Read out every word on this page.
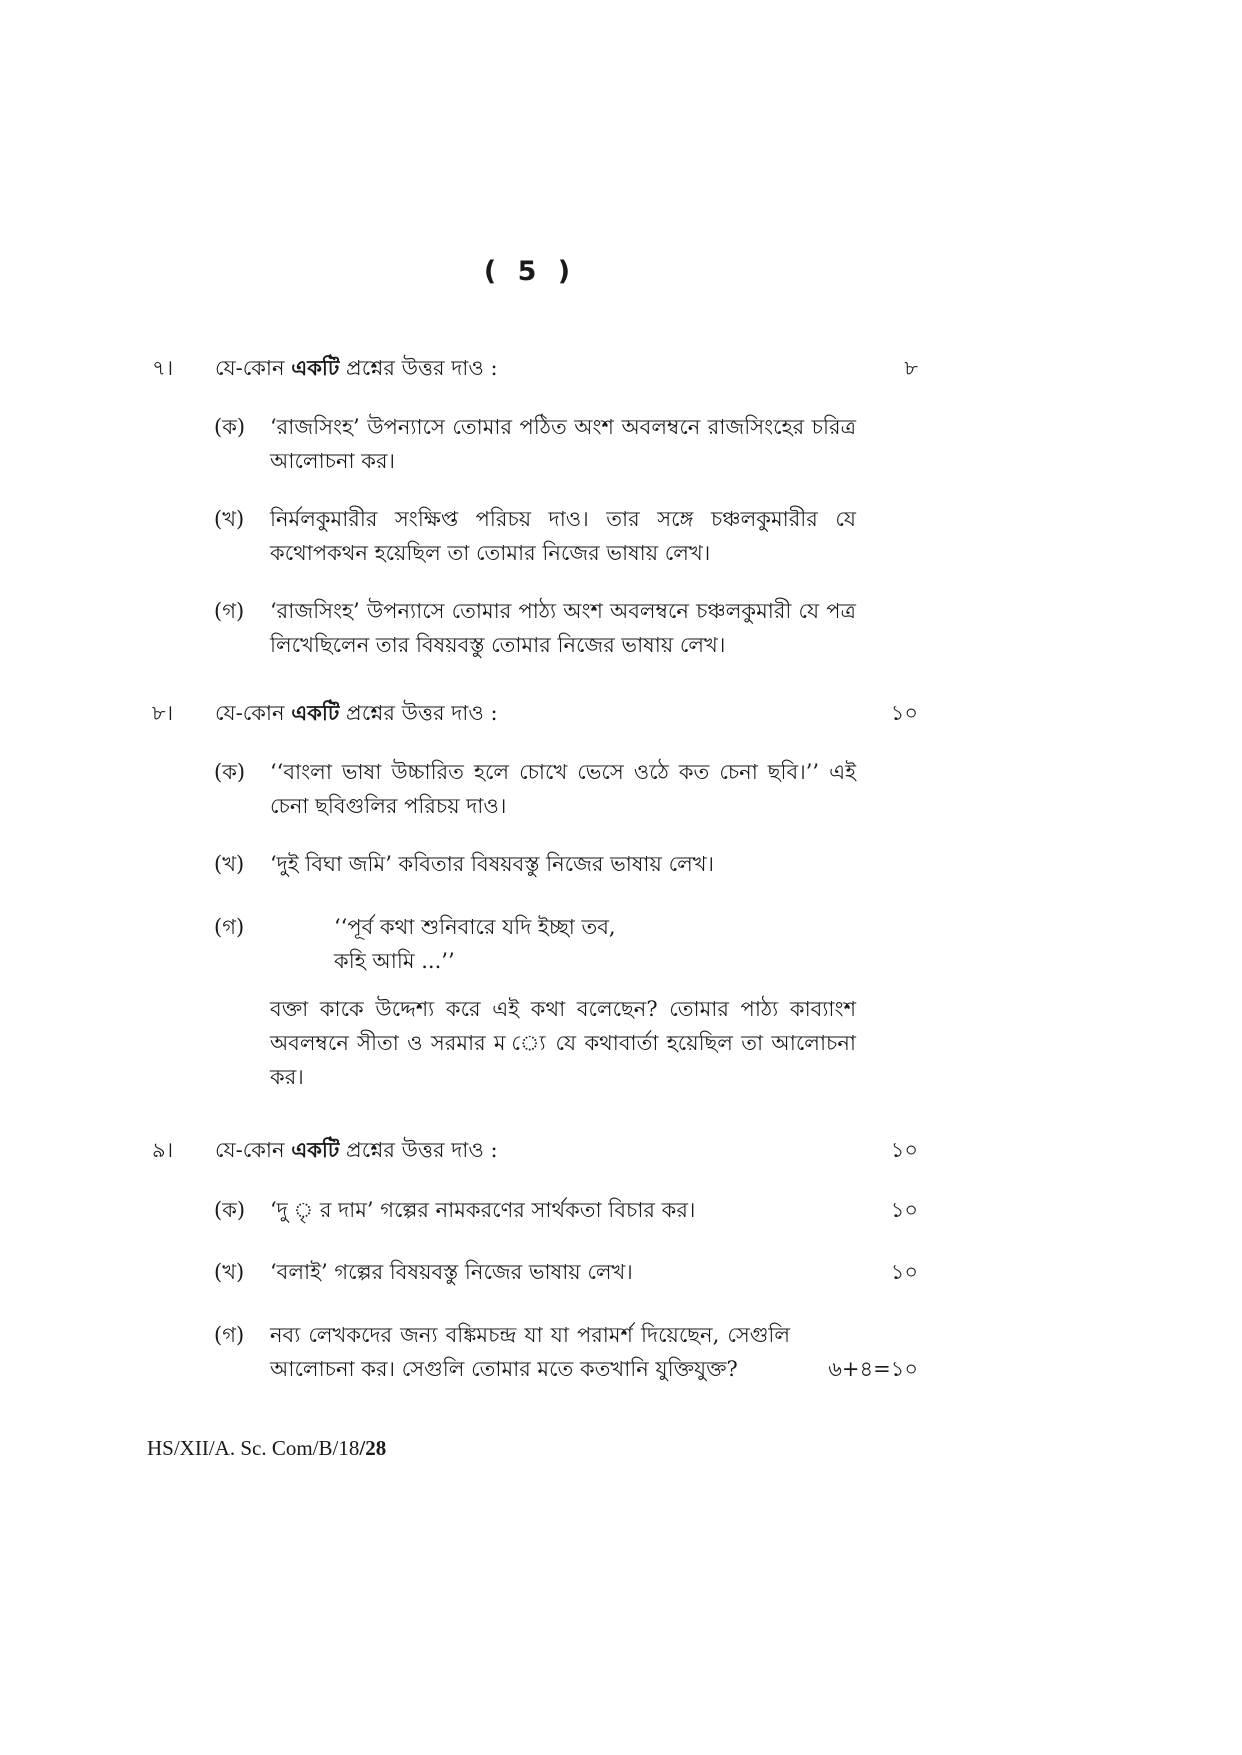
( 5 )
৭। যে-কোন একটি প্রশ্নের উত্তর দাও :	৮
(ক) ‘রাজসিংহ’ উপন্যাসে তোমার পঠিত অংশ অবলম্বনে রাজসিংহের চরিত্র আলোচনা কর।
(খ) নির্মলকুমারীর সংক্ষিপ্ত পরিচয় দাও। তার সঙ্গে চঞ্চলকুমারীর যে কথোপকথন হয়েছিল তা তোমার নিজের ভাষায় লেখ।
(গ) ‘রাজসিংহ’ উপন্যাসে তোমার পাঠ্য অংশ অবলম্বনে চঞ্চলকুমারী যে পত্র লিখেছিলেন তার বিষয়বস্তু তোমার নিজের ভাষায় লেখ।
৮। যে-কোন একটি প্রশ্নের উত্তর দাও :	১০
(ক) ‘‘বাংলা ভাষা উচ্চারিত হলে চোখে ভেসে ওঠে কত চেনা ছবি।’’ এই চেনা ছবিগুলির পরিচয় দাও।
(খ) ‘দুই বিঘা জমি’ কবিতার বিষয়বস্তু নিজের ভাষায় লেখ।
(গ)	‘‘পূর্ব কথা শুনিবারে যদি ইচ্ছা তব,
কহি আমি ...’’
বক্তা কাকে উদ্দেশ্য করে এই কথা বলেছেন? তোমার পাঠ্য কাব্যাংশ অবলম্বনে সীতা ও সরমার ম ্যে যে কথাবার্তা হয়েছিল তা আলোচনা কর।
৯। যে-কোন একটি প্রশ্নের উত্তর দাও :	১০
(ক) ‘দু ৃ র দাম’ গল্পের নামকরণের সার্থকতা বিচার কর।	১০
(খ) ‘বলাই’ গল্পের বিষয়বস্তু নিজের ভাষায় লেখ।	১০
(গ) নব্য লেখকদের জন্য বঙ্কিমচন্দ্র যা যা পরামর্শ দিয়েছেন, সেগুলি আলোচনা কর। সেগুলি তোমার মতে কতখানি যুক্তিযুক্ত?	৬+৪=১০
HS/XII/A. Sc. Com/B/18/28
